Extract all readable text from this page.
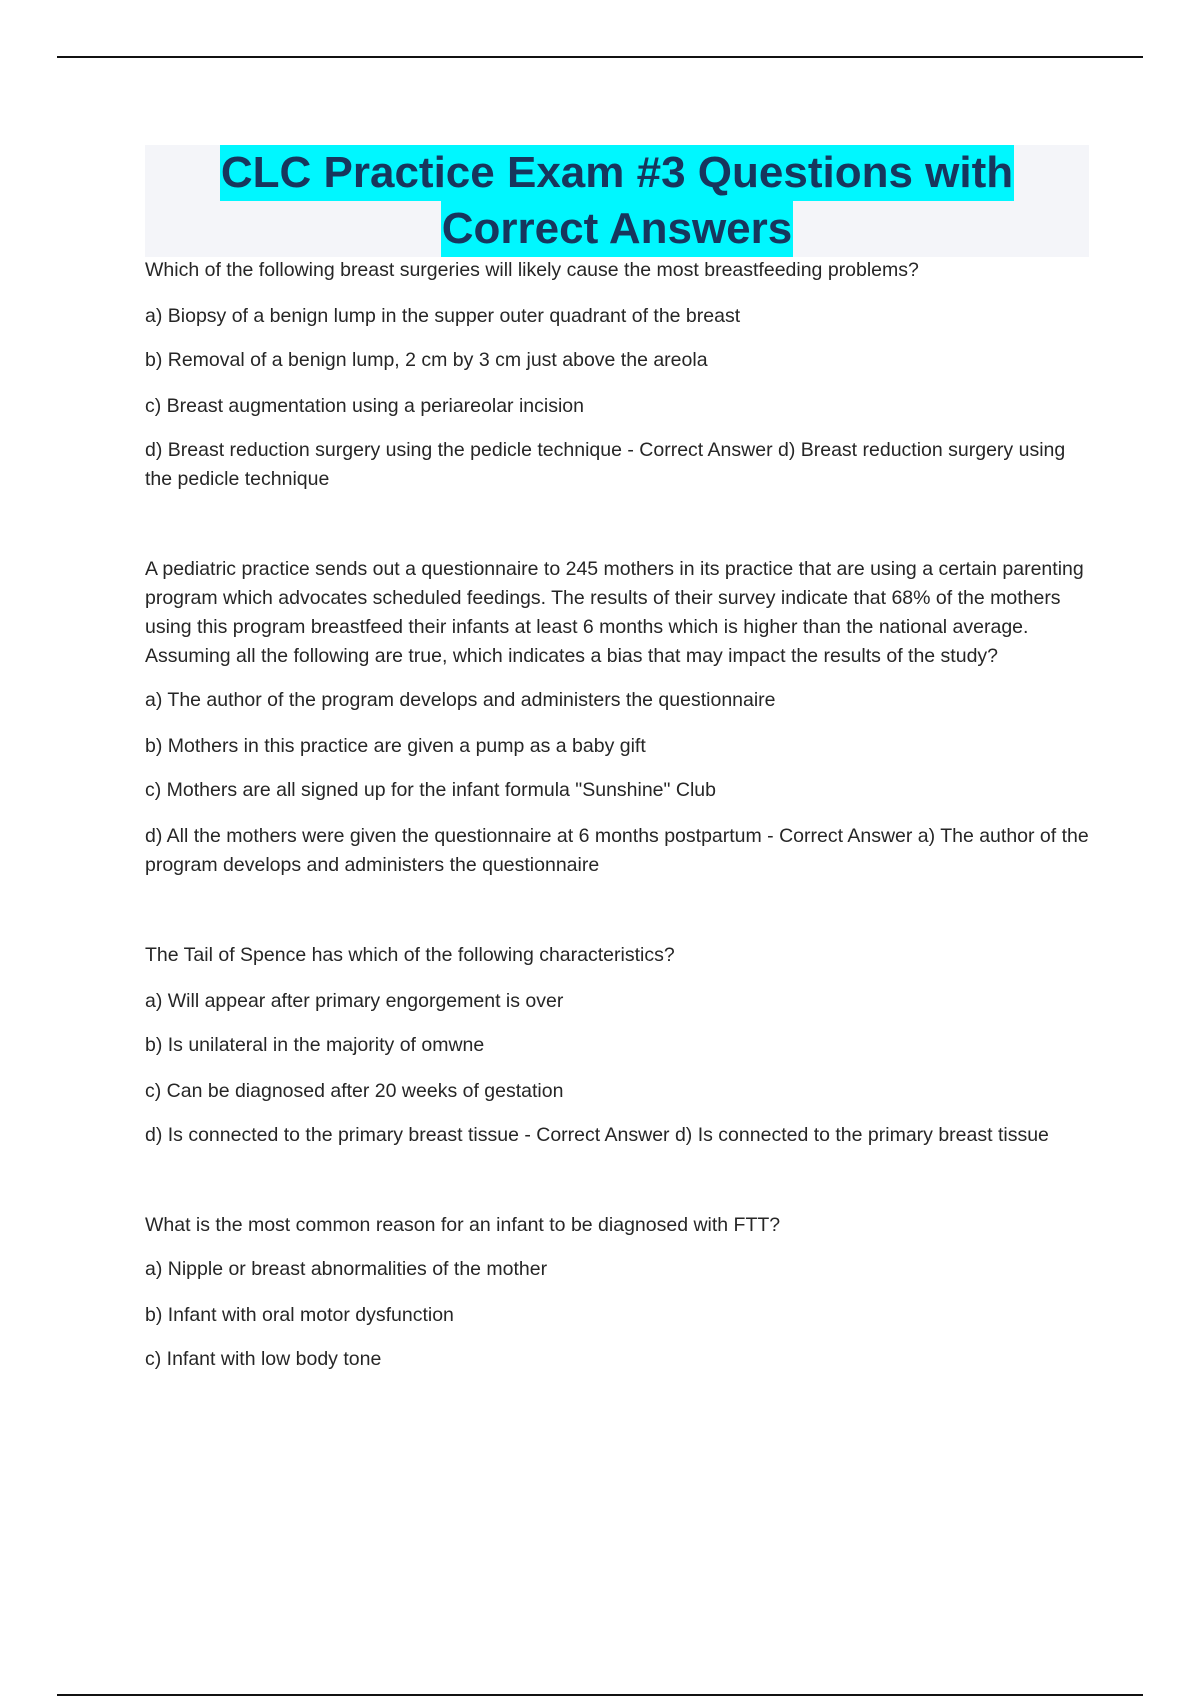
CLC Practice Exam #3 Questions with
Correct Answers

Which of the following breast surgeries will likely cause the most breastfeeding problems?

a) Biopsy of a benign lump in the supper outer quadrant of the breast

b) Removal of a benign lump, 2 cm by 3 cm just above the areola

c) Breast augmentation using a periareolar incision

d) Breast reduction surgery using the pedicle technique - Correct Answer d) Breast reduction surgery using the pedicle technique

A pediatric practice sends out a questionnaire to 245 mothers in its practice that are using a certain parenting program which advocates scheduled feedings. The results of their survey indicate that 68% of the mothers using this program breastfeed their infants at least 6 months which is higher than the national average. Assuming all the following are true, which indicates a bias that may impact the results of the study?

a) The author of the program develops and administers the questionnaire

b) Mothers in this practice are given a pump as a baby gift

c) Mothers are all signed up for the infant formula "Sunshine" Club

d) All the mothers were given the questionnaire at 6 months postpartum - Correct Answer a) The author of the program develops and administers the questionnaire

The Tail of Spence has which of the following characteristics?

a) Will appear after primary engorgement is over

b) Is unilateral in the majority of omwne

c) Can be diagnosed after 20 weeks of gestation

d) Is connected to the primary breast tissue - Correct Answer d) Is connected to the primary breast tissue

What is the most common reason for an infant to be diagnosed with FTT?

a) Nipple or breast abnormalities of the mother

b) Infant with oral motor dysfunction

c) Infant with low body tone
